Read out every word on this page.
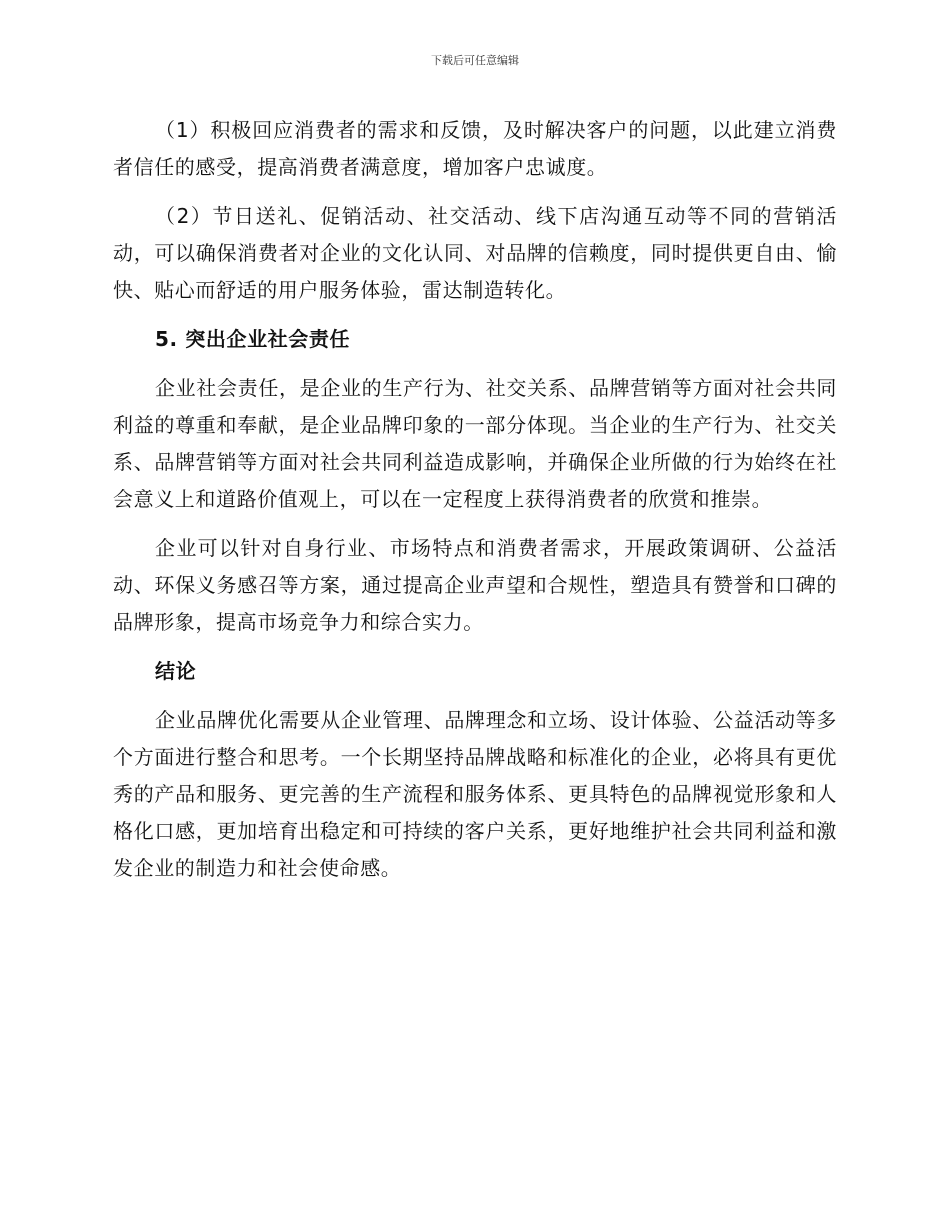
下载后可任意编辑

（1）积极回应消费者的需求和反馈，及时解决客户的问题，以此建立消费者信任的感受，提高消费者满意度，增加客户忠诚度。

（2）节日送礼、促销活动、社交活动、线下店沟通互动等不同的营销活动，可以确保消费者对企业的文化认同、对品牌的信赖度，同时提供更自由、愉快、贴心而舒适的用户服务体验，雷达制造转化。

5. 突出企业社会责任

企业社会责任，是企业的生产行为、社交关系、品牌营销等方面对社会共同利益的尊重和奉献，是企业品牌印象的一部分体现。当企业的生产行为、社交关系、品牌营销等方面对社会共同利益造成影响，并确保企业所做的行为始终在社会意义上和道路价值观上，可以在一定程度上获得消费者的欣赏和推崇。

企业可以针对自身行业、市场特点和消费者需求，开展政策调研、公益活动、环保义务感召等方案，通过提高企业声望和合规性，塑造具有赞誉和口碑的品牌形象，提高市场竞争力和综合实力。

结论

企业品牌优化需要从企业管理、品牌理念和立场、设计体验、公益活动等多个方面进行整合和思考。一个长期坚持品牌战略和标准化的企业，必将具有更优秀的产品和服务、更完善的生产流程和服务体系、更具特色的品牌视觉形象和人格化口感，更加培育出稳定和可持续的客户关系，更好地维护社会共同利益和激发企业的制造力和社会使命感。
